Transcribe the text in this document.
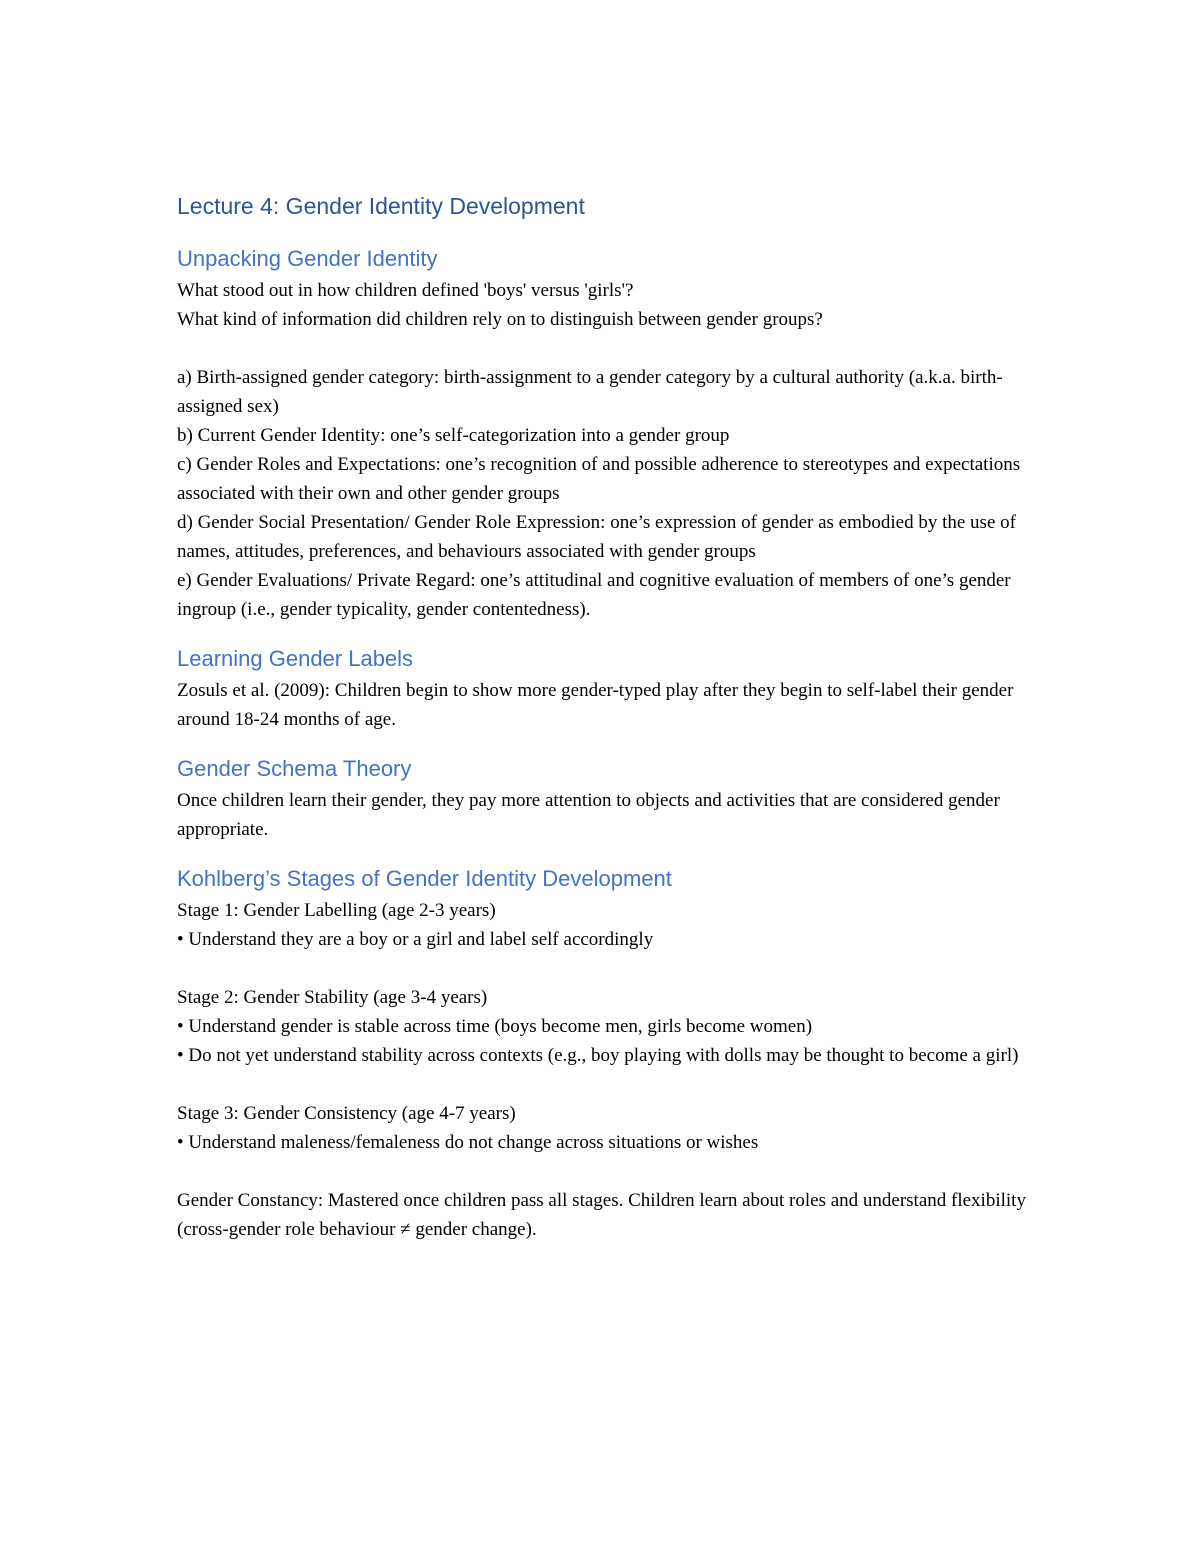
Lecture 4: Gender Identity Development
Unpacking Gender Identity

What stood out in how children defined 'boys' versus 'girls'?

What kind of information did children rely on to distinguish between gender groups?

a) Birth-assigned gender category: birth-assignment to a gender category by a cultural authority (a.k.a. birth-assigned sex)

b) Current Gender Identity: one’s self-categorization into a gender group

c) Gender Roles and Expectations: one’s recognition of and possible adherence to stereotypes and expectations associated with their own and other gender groups

d) Gender Social Presentation/ Gender Role Expression: one’s expression of gender as embodied by the use of names, attitudes, preferences, and behaviours associated with gender groups

e) Gender Evaluations/ Private Regard: one’s attitudinal and cognitive evaluation of members of one’s gender ingroup (i.e., gender typicality, gender contentedness).

Learning Gender Labels

Zosuls et al. (2009): Children begin to show more gender-typed play after they begin to self-label their gender around 18-24 months of age.

Gender Schema Theory

Once children learn their gender, they pay more attention to objects and activities that are considered gender appropriate.

Kohlberg’s Stages of Gender Identity Development

Stage 1: Gender Labelling (age 2-3 years)

• Understand they are a boy or a girl and label self accordingly

Stage 2: Gender Stability (age 3-4 years)

• Understand gender is stable across time (boys become men, girls become women)

• Do not yet understand stability across contexts (e.g., boy playing with dolls may be thought to become a girl)

Stage 3: Gender Consistency (age 4-7 years)

• Understand maleness/femaleness do not change across situations or wishes

Gender Constancy: Mastered once children pass all stages. Children learn about roles and understand flexibility (cross-gender role behaviour ≠ gender change).
